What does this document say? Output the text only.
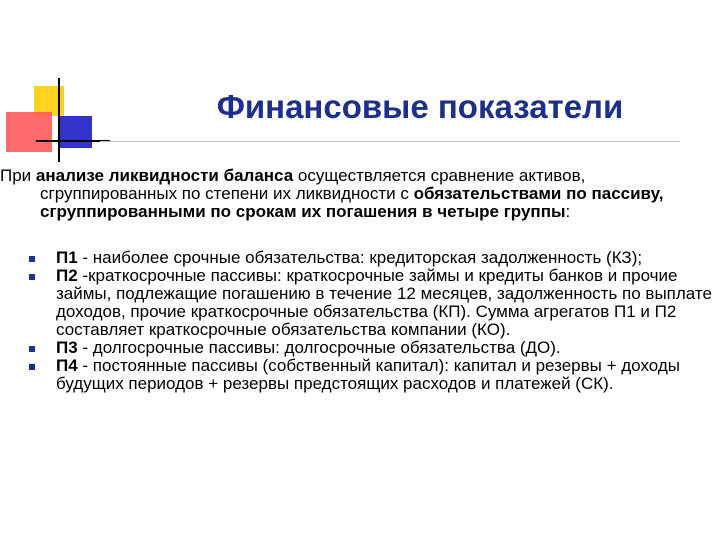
Финансовые показатели

При анализе ликвидности баланса осуществляется сравнение активов, сгруппированных по степени их ликвидности с обязательствами по пассиву, сгруппированными по срокам их погашения в четыре группы:

П1 - наиболее срочные обязательства: кредиторская задолженность (КЗ);
П2 -краткосрочные пассивы: краткосрочные займы и кредиты банков и прочие займы, подлежащие погашению в течение 12 месяцев, задолженность по выплате доходов, прочие краткосрочные обязательства (КП). Сумма агрегатов П1 и П2 составляет краткосрочные обязательства компании (КО).
П3 - долгосрочные пассивы: долгосрочные обязательства (ДО).
П4 - постоянные пассивы (собственный капитал): капитал и резервы + доходы будущих периодов + резервы предстоящих расходов и платежей (СК).
